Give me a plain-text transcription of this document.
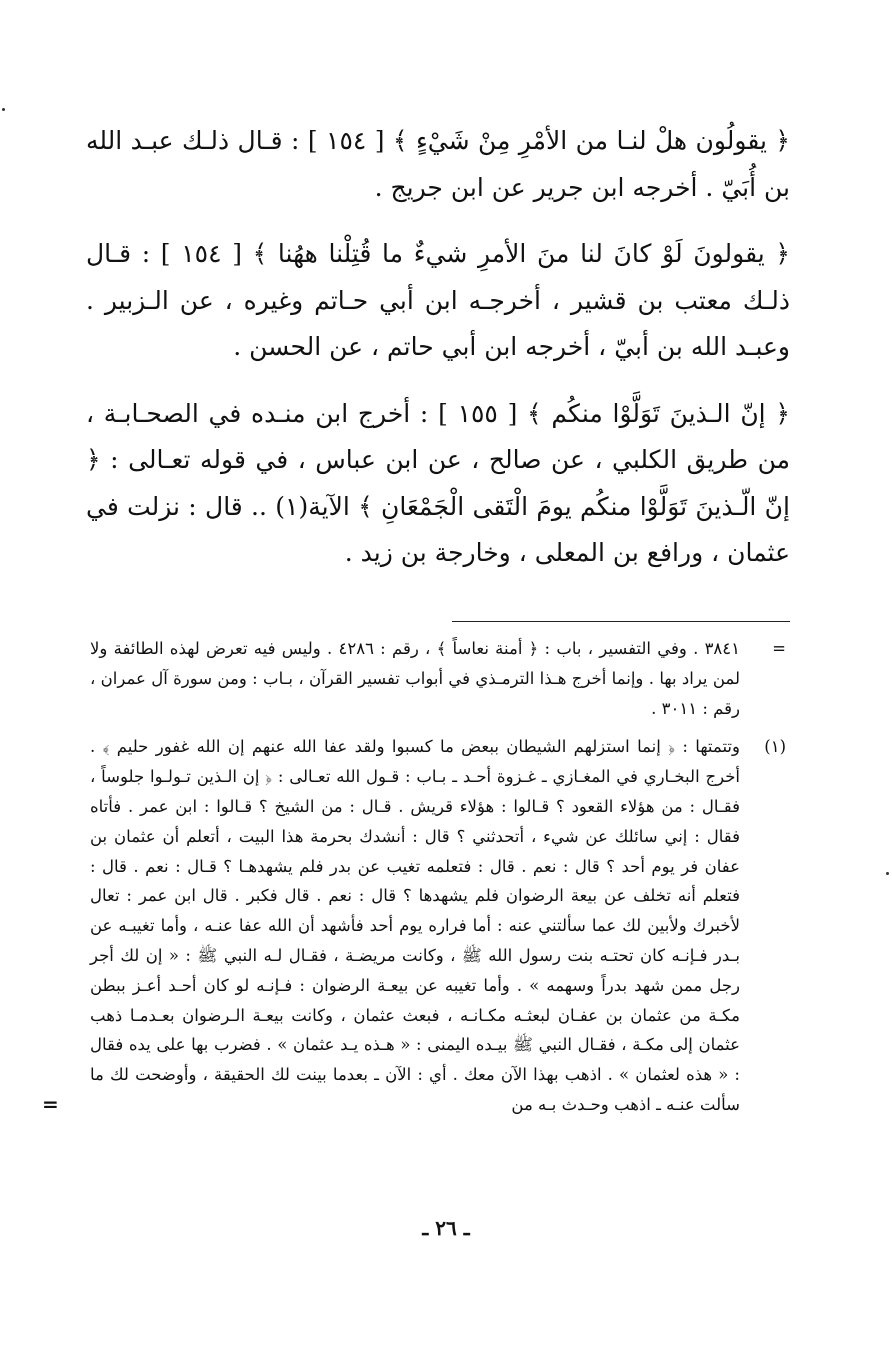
﴿ يقولُون هلْ لنـا من الأمْرِ مِنْ شَيْءٍ ﴾ [ ١٥٤ ] : قـال ذلـك عبـد الله بن أُبَيّ . أخرجه ابن جرير عن ابن جريج .

﴿ يقولونَ لَوْ كانَ لنا منَ الأمرِ شيءٌ ما قُتِلْنا ههُنا ﴾ [ ١٥٤ ] : قـال ذلـك معتب بن قشير ، أخرجـه ابن أبي حـاتم وغيره ، عن الـزبير . وعبـد الله بن أبيّ ، أخرجه ابن أبي حاتم ، عن الحسن .

﴿ إنّ الـذينَ تَوَلَّوْا منكُم ﴾ [ ١٥٥ ] : أخرج ابن منـده في الصحـابـة ، من طريق الكلبي ، عن صالح ، عن ابن عباس ، في قوله تعـالى : ﴿ إنّ الّـذينَ تَوَلَّوْا منكُم يومَ الْتَقى الْجَمْعَانِ ﴾ الآية(١) .. قال : نزلت في عثمان ، ورافع بن المعلى ، وخارجة بن زيد .

=
٣٨٤١ . وفي التفسير ، باب : ﴿ أمنة نعاساً ﴾ ، رقم : ٤٢٨٦ . وليس فيه تعرض لهذه الطائفة ولا لمن يراد بها . وإنما أخرج هـذا الترمـذي في أبواب تفسير القرآن ، بـاب : ومن سورة آل عمران ، رقم : ٣٠١١ .
(١)
وتتمتها : ﴿ إنما استزلهم الشيطان ببعض ما كسبوا ولقد عفا الله عنهم إن الله غفور حليم ﴾ . أخرج البخـاري في المغـازي ـ غـزوة أحـد ـ بـاب : قـول الله تعـالى : ﴿ إن الـذين تـولـوا جلوساً ، فقـال : من هؤلاء القعود ؟ قـالوا : هؤلاء قريش . قـال : من الشيخ ؟ قـالوا : ابن عمر . فأتاه فقال : إني سائلك عن شيء ، أتحدثني ؟ قال : أنشدك بحرمة هذا البيت ، أتعلم أن عثمان بن عفان فر يوم أحد ؟ قال : نعم . قال : فتعلمه تغيب عن بدر فلم يشهدهـا ؟ قـال : نعم . قال : فتعلم أنه تخلف عن بيعة الرضوان فلم يشهدها ؟ قال : نعم . قال فكبر . قال ابن عمر : تعال لأخبرك ولأبين لك عما سألتني عنه : أما فراره يوم أحد فأشهد أن الله عفا عنـه ، وأما تغيبـه عن بـدر فـإنـه كان تحتـه بنت رسول الله ﷺ ، وكانت مريضـة ، فقـال لـه النبي ﷺ : « إن لك أجر رجل ممن شهد بدراً وسهمه » . وأما تغيبه عن بيعـة الرضوان : فـإنـه لو كان أحـد أعـز ببطن مكـة من عثمان بن عفـان لبعثـه مكـانـه ، فبعث عثمان ، وكانت بيعـة الـرضوان بعـدمـا ذهب عثمان إلى مكـة ، فقـال النبي ﷺ بيـده اليمنى : « هـذه يـد عثمان » . فضرب بها على يده فقال : « هذه لعثمان » . اذهب بهذا الآن معك . أي : الآن ـ بعدما بينت لك الحقيقة ، وأوضحت لك ما سألت عنـه ـ اذهب وحـدث بـه من
=
ـ ٢٦ ـ
